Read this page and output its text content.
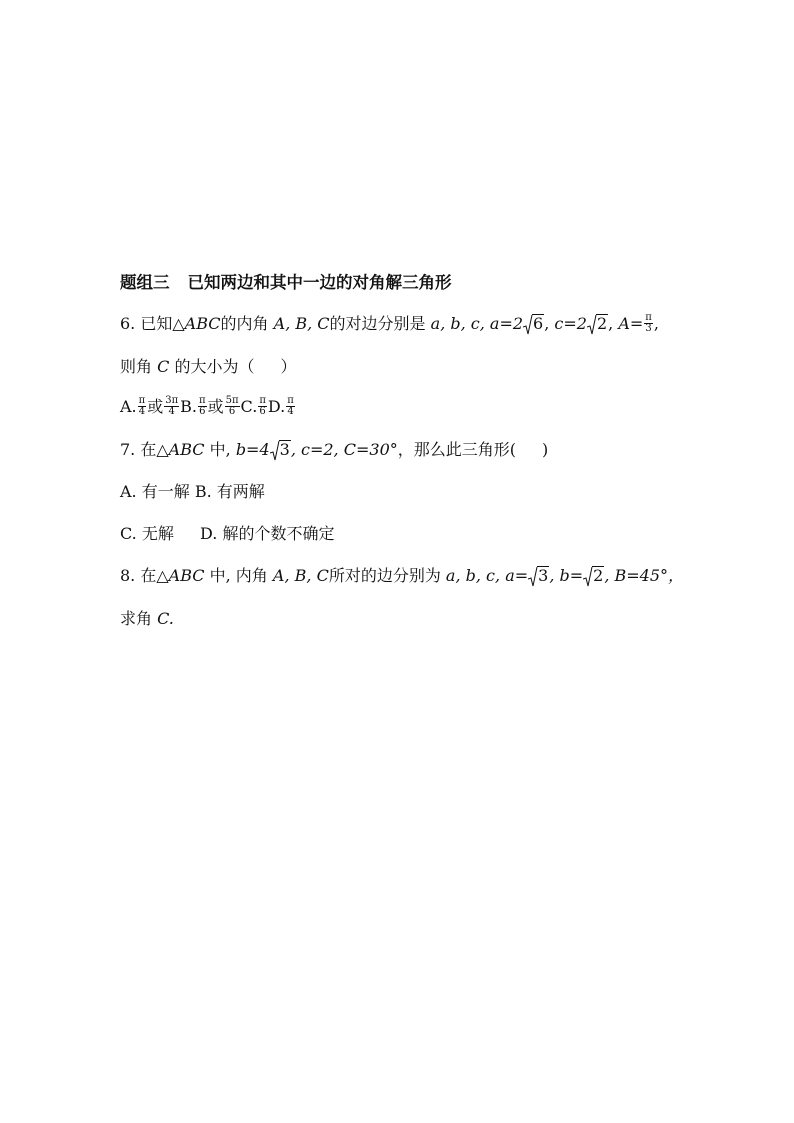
题组三 已知两边和其中一边的对角解三角形
6. 已知△ABC的内角 A, B, C的对边分别是 a, b, c, a=2 6, c=2 2, $A= \frac{\pi}{3}$ ,
则角 C 的大小为（ ）
A. $\frac{\pi}{4}$ 或 $\frac{3\pi}{4} B$. $\frac{\pi}{6}$ 或 $\frac{5\pi}{6} C$. $\frac{\pi}{6} D$. $\frac{\pi}{4}$
7. 在△ABC 中, b=4 3, c=2, C=30°，那么此三角形( )
A. 有一解 B. 有两解
C. 无解 D. 解的个数不确定
8. 在△ABC 中, 内角 A, B, C所对的边分别为 a, b, c, a= 3, b= 2, B=45°，
求角 C.
